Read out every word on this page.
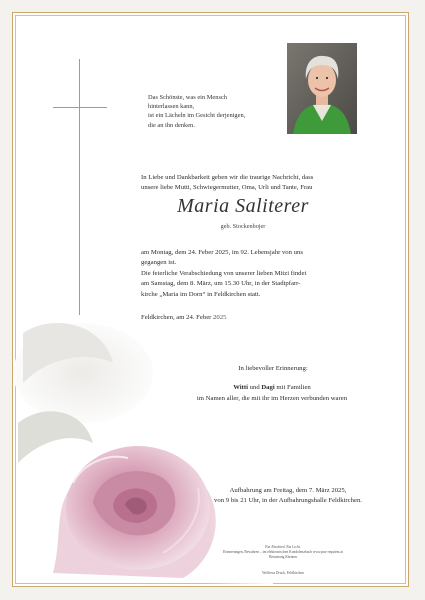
Das Schönste, was ein Mensch
hinterlassen kann,
ist ein Lächeln im Gesicht derjenigen,
die an ihn denken.
In Liebe und Dankbarkeit geben wir die traurige Nachricht, dass
unsere liebe Mutti, Schwiegermutter, Oma, Urli und Tante, Frau
Maria Saliterer
geb. Stockenbojer
am Montag, dem 24. Feber 2025, im 92. Lebensjahr von uns
gegangen ist.
Die feierliche Verabschiedung von unserer lieben Mitzi findet
am Samstag, dem 8. März, um 15.30 Uhr, in der Stadtpfarr-
kirche „Maria im Dorn“ in Feldkirchen statt.
In liebevoller Erinnerung:
Witti und Dagi mit Familien
im Namen aller, die mit ihr im Herzen verbunden waren
Aufbahrung am Freitag, dem 7. März 2025,
von 9 bis 21 Uhr, in der Aufbahrungshalle Feldkirchen.
Ein Abschied. Ein Licht.
Erinnerungen, Bewahren – im elektronischen Kondolenzbuch www.pax-requiem.at
Bestattung Kärnten
Wolfresa Druck, Feldkirchen
